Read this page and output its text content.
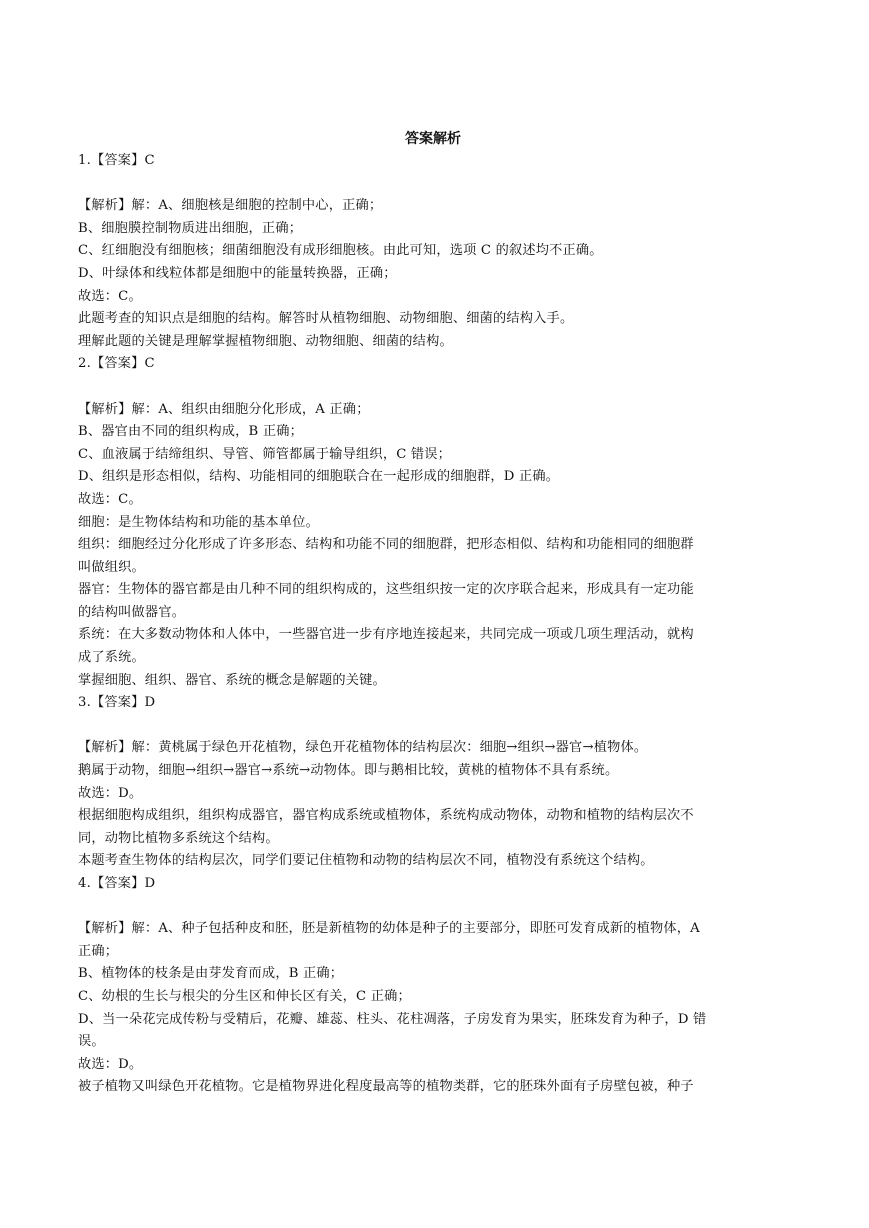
答案解析
1.【答案】C
【解析】解：A、细胞核是细胞的控制中心，正确；
B、细胞膜控制物质进出细胞，正确；
C、红细胞没有细胞核；细菌细胞没有成形细胞核。由此可知，选项 C 的叙述均不正确。
D、叶绿体和线粒体都是细胞中的能量转换器，正确；
故选：C。
此题考查的知识点是细胞的结构。解答时从植物细胞、动物细胞、细菌的结构入手。
理解此题的关键是理解掌握植物细胞、动物细胞、细菌的结构。
2.【答案】C
【解析】解：A、组织由细胞分化形成，A 正确；
B、器官由不同的组织构成，B 正确；
C、血液属于结缔组织、导管、筛管都属于输导组织，C 错误；
D、组织是形态相似，结构、功能相同的细胞联合在一起形成的细胞群，D 正确。
故选：C。
细胞：是生物体结构和功能的基本单位。
组织：细胞经过分化形成了许多形态、结构和功能不同的细胞群，把形态相似、结构和功能相同的细胞群
叫做组织。
器官：生物体的器官都是由几种不同的组织构成的，这些组织按一定的次序联合起来，形成具有一定功能
的结构叫做器官。
系统：在大多数动物体和人体中，一些器官进一步有序地连接起来，共同完成一项或几项生理活动，就构
成了系统。
掌握细胞、组织、器官、系统的概念是解题的关键。
3.【答案】D
【解析】解：黄桃属于绿色开花植物，绿色开花植物体的结构层次：细胞→组织→器官→植物体。
鹅属于动物，细胞→组织→器官→系统→动物体。即与鹅相比较，黄桃的植物体不具有系统。
故选：D。
根据细胞构成组织，组织构成器官，器官构成系统或植物体，系统构成动物体，动物和植物的结构层次不
同，动物比植物多系统这个结构。
本题考查生物体的结构层次，同学们要记住植物和动物的结构层次不同，植物没有系统这个结构。
4.【答案】D
【解析】解：A、种子包括种皮和胚，胚是新植物的幼体是种子的主要部分，即胚可发育成新的植物体，A
正确；
B、植物体的枝条是由芽发育而成，B 正确；
C、幼根的生长与根尖的分生区和伸长区有关，C 正确；
D、当一朵花完成传粉与受精后，花瓣、雄蕊、柱头、花柱凋落，子房发育为果实，胚珠发育为种子，D 错
误。
故选：D。
被子植物又叫绿色开花植物。它是植物界进化程度最高等的植物类群，它的胚珠外面有子房壁包被，种子
